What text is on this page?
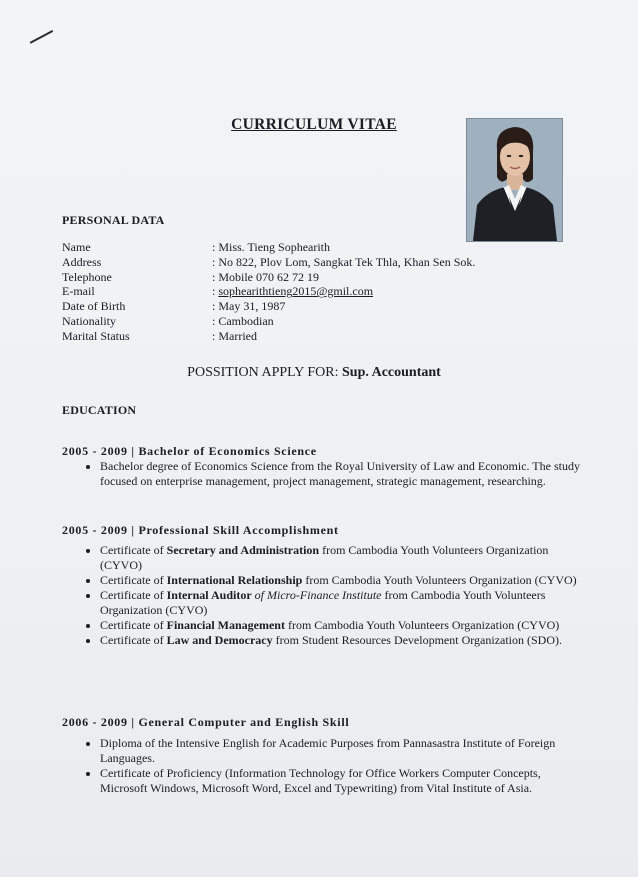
CURRICULUM VITAE
PERSONAL DATA
Name	: Miss. Tieng Sophearith
Address	: No 822, Plov Lom, Sangkat Tek Thla, Khan Sen Sok.
Telephone	: Mobile 070 62 72 19
E-mail	: sophearithtieng2015@gmil.com
Date of Birth	: May 31, 1987
Nationality	: Cambodian
Marital Status	: Married
POSSITION APPLY FOR: Sup. Accountant
EDUCATION
2005 - 2009 | Bachelor of Economics Science
• Bachelor degree of Economics Science from the Royal University of Law and Economic. The study focused on enterprise management, project management, strategic management, researching.
2005 - 2009 | Professional Skill Accomplishment
• Certificate of Secretary and Administration from Cambodia Youth Volunteers Organization (CYVO)
• Certificate of International Relationship from Cambodia Youth Volunteers Organization (CYVO)
• Certificate of Internal Auditor of Micro-Finance Institute from Cambodia Youth Volunteers Organization (CYVO)
• Certificate of Financial Management from Cambodia Youth Volunteers Organization (CYVO)
• Certificate of Law and Democracy from Student Resources Development Organization (SDO).
2006 - 2009 | General Computer and English Skill
• Diploma of the Intensive English for Academic Purposes from Pannasastra Institute of Foreign Languages.
• Certificate of Proficiency (Information Technology for Office Workers Computer Concepts, Microsoft Windows, Microsoft Word, Excel and Typewriting) from Vital Institute of Asia.
